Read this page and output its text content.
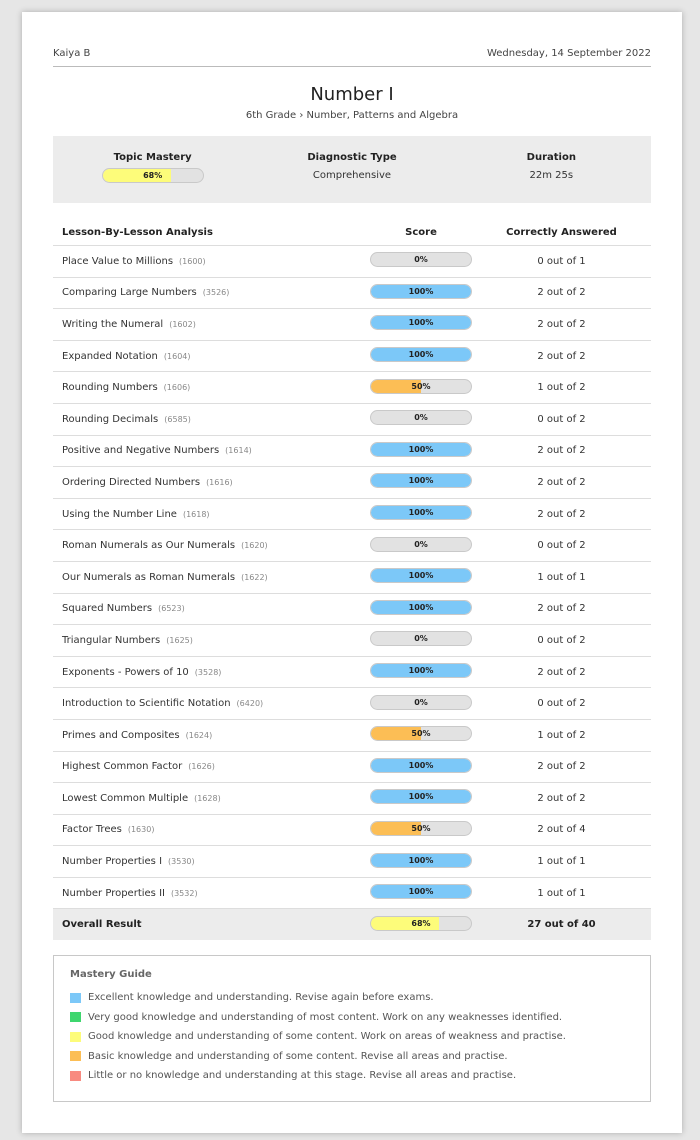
Kaiya B	Wednesday, 14 September 2022
Number I
6th Grade › Number, Patterns and Algebra
Topic Mastery
68%
Diagnostic Type
Comprehensive
Duration
22m 25s
Lesson-By-Lesson Analysis	Score	Correctly Answered
Place Value to Millions (1600)	0%	0 out of 1
Comparing Large Numbers (3526)	100%	2 out of 2
Writing the Numeral (1602)	100%	2 out of 2
Expanded Notation (1604)	100%	2 out of 2
Rounding Numbers (1606)	50%	1 out of 2
Rounding Decimals (6585)	0%	0 out of 2
Positive and Negative Numbers (1614)	100%	2 out of 2
Ordering Directed Numbers (1616)	100%	2 out of 2
Using the Number Line (1618)	100%	2 out of 2
Roman Numerals as Our Numerals (1620)	0%	0 out of 2
Our Numerals as Roman Numerals (1622)	100%	1 out of 1
Squared Numbers (6523)	100%	2 out of 2
Triangular Numbers (1625)	0%	0 out of 2
Exponents - Powers of 10 (3528)	100%	2 out of 2
Introduction to Scientific Notation (6420)	0%	0 out of 2
Primes and Composites (1624)	50%	1 out of 2
Highest Common Factor (1626)	100%	2 out of 2
Lowest Common Multiple (1628)	100%	2 out of 2
Factor Trees (1630)	50%	2 out of 4
Number Properties I (3530)	100%	1 out of 1
Number Properties II (3532)	100%	1 out of 1
Overall Result	68%	27 out of 40
Mastery Guide
Excellent knowledge and understanding. Revise again before exams.
Very good knowledge and understanding of most content. Work on any weaknesses identified.
Good knowledge and understanding of some content. Work on areas of weakness and practise.
Basic knowledge and understanding of some content. Revise all areas and practise.
Little or no knowledge and understanding at this stage. Revise all areas and practise.
